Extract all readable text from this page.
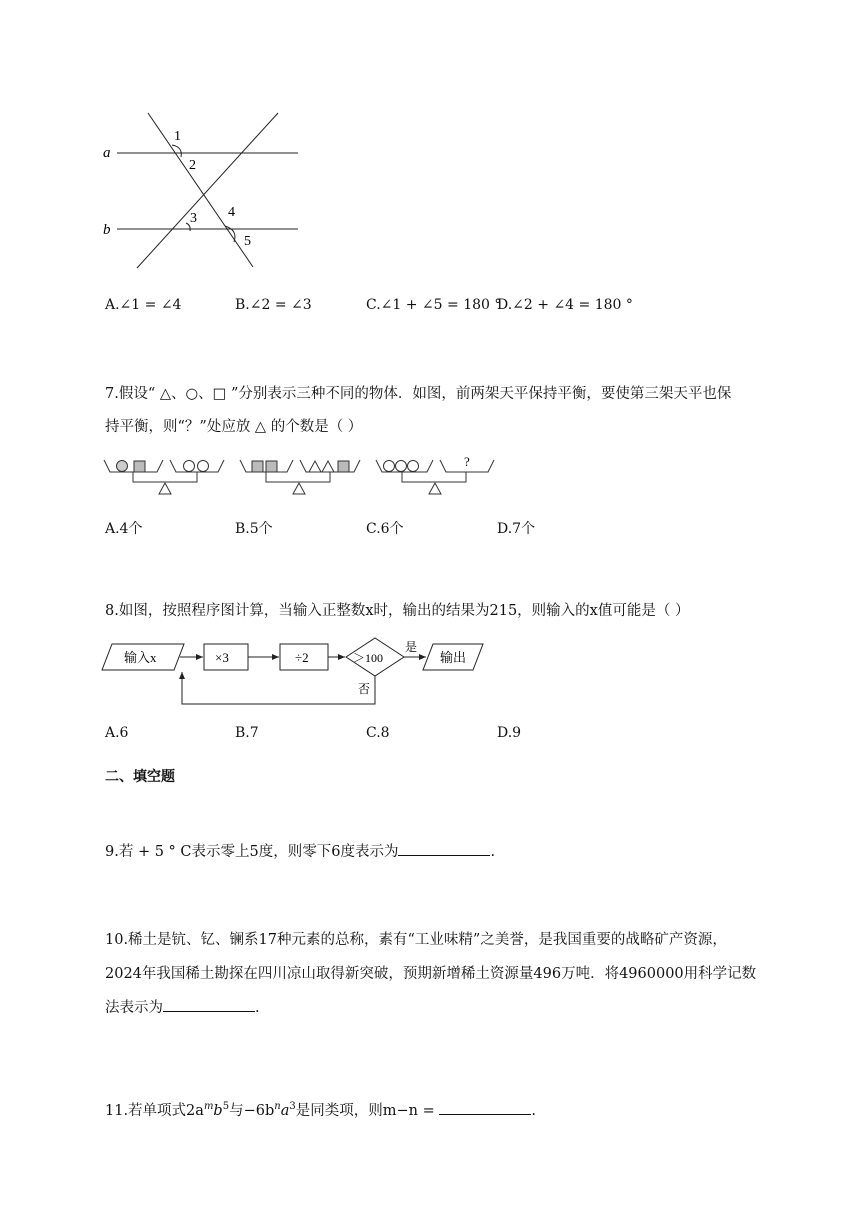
a
b
1
2
3 4
5
A.∠1 = ∠4	B.∠2 = ∠3	C.∠1 + ∠5 = 180 °
D.∠2 + ∠4 = 180 °
7.假设“ △、○、□ ”分别表示三种不同的物体．如图，前两架天平保持平衡，要使第三架天平也保
持平衡，则“？”处应放 △ 的个数是（ ）
?
A.4个	B.5个	C.6个	D.7个
8.如图，按照程序图计算，当输入正整数x时，输出的结果为215，则输入的x值可能是（ ）
输入x	×3	÷2	＞100
是
输出
否
A.6	B.7	C.8	D.9
二、填空题
9.若 + 5 ° C表示零上5度，则零下6度表示为	.
10.稀土是钪、钇、镧系17种元素的总称，素有“工业味精”之美誉，是我国重要的战略矿产资源，
2024年我国稀土勘探在四川凉山取得新突破，预期新增稀土资源量496万吨．将4960000用科学记数
法表示为	.
11.若单项式$2a^mb^5$与$-6b^na^3$是同类项，则m−n =	.
